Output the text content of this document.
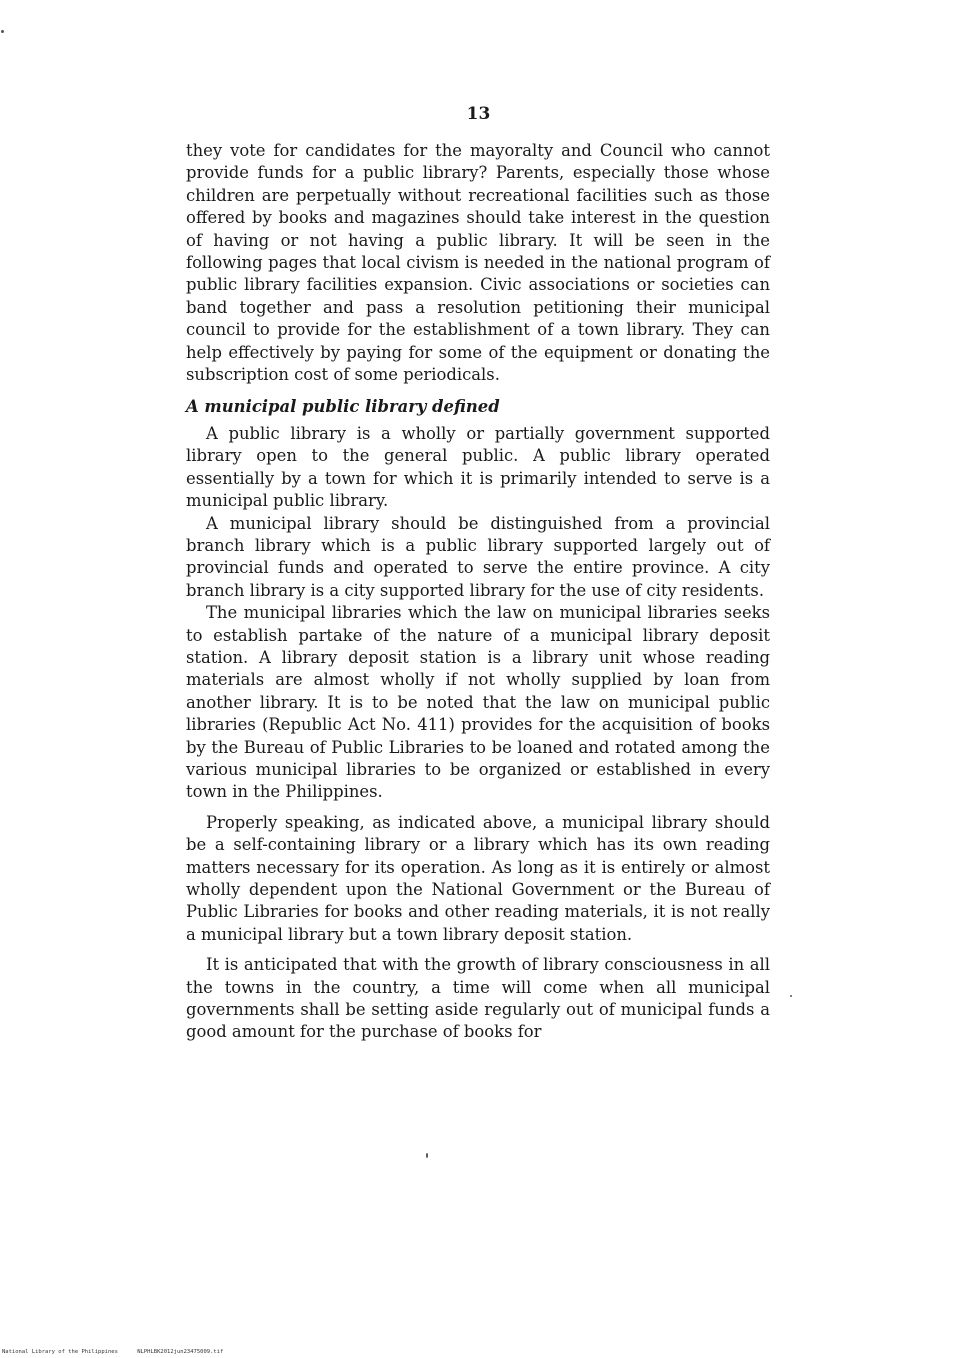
13

they vote for candidates for the mayoralty and Council who cannot provide funds for a public library? Parents, especially those whose children are perpetually without recreational facilities such as those offered by books and magazines should take interest in the question of having or not having a public library. It will be seen in the following pages that local civism is needed in the national program of public library facilities expansion. Civic associations or societies can band together and pass a resolution petitioning their municipal council to provide for the establishment of a town library. They can help effectively by paying for some of the equipment or donating the subscription cost of some periodicals.

A municipal public library defined

A public library is a wholly or partially government supported library open to the general public. A public library operated essentially by a town for which it is primarily intended to serve is a municipal public library.

A municipal library should be distinguished from a provincial branch library which is a public library supported largely out of provincial funds and operated to serve the entire province. A city branch library is a city supported library for the use of city residents.

The municipal libraries which the law on municipal libraries seeks to establish partake of the nature of a municipal library deposit station. A library deposit station is a library unit whose reading materials are almost wholly if not wholly supplied by loan from another library. It is to be noted that the law on municipal public libraries (Republic Act No. 411) provides for the acquisition of books by the Bureau of Public Libraries to be loaned and rotated among the various municipal libraries to be organized or established in every town in the Philippines.

Properly speaking, as indicated above, a municipal library should be a self-containing library or a library which has its own reading matters necessary for its operation. As long as it is entirely or almost wholly dependent upon the National Government or the Bureau of Public Libraries for books and other reading materials, it is not really a municipal library but a town library deposit station.

It is anticipated that with the growth of library consciousness in all the towns in the country, a time will come when all municipal governments shall be setting aside regularly out of municipal funds a good amount for the purchase of books for

National Library of the Philippines	NLPHLBK2012jun23475009.tif
